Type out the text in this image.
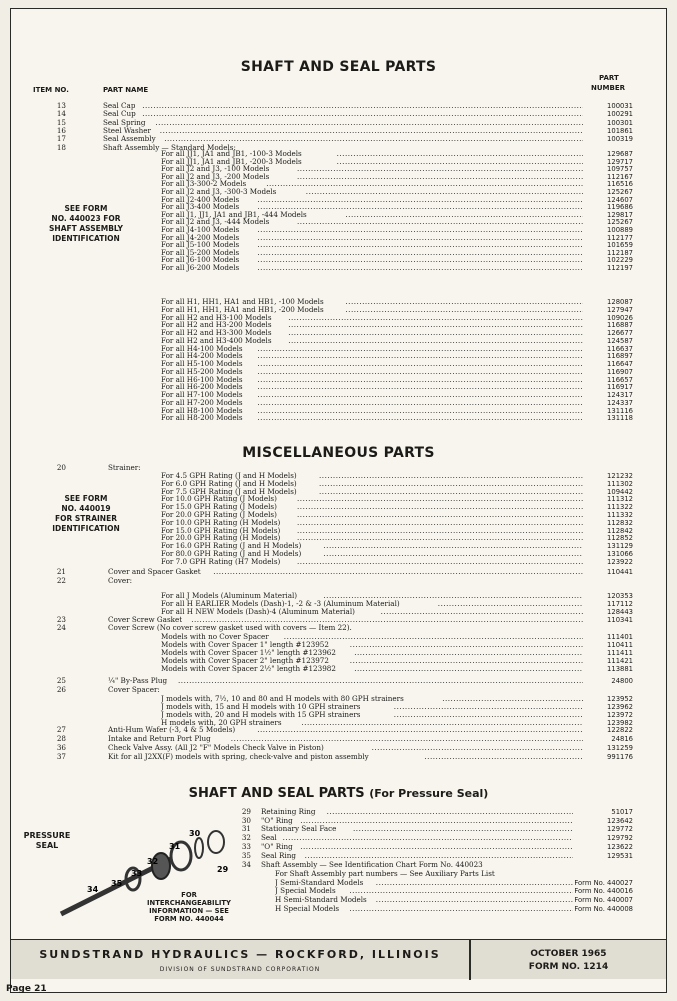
SHAFT AND SEAL PARTS
ITEM NO.	PART NAME
PART
NUMBER
13	Seal Cap .....	100031
14	Seal Cup .....	100291
15	Seal Spring .....	100301
16	Steel Washer .....	101861
17	Seal Assembly .....	100319
18	Shaft Assembly — Standard Models:
For all JJ1, JA1 and JB1, -100-3 Models .....	129687
For all JJ1, JA1 and JB1, -200-3 Models .....	129717
For all J2 and J3, -100 Models .....	109757
For all J2 and J3, -200 Models .....	112167
For all J3-300-2 Models .....	116516
For all J2 and J3, -300-3 Models .....	125267
For all J2-400 Models .....	124607
For all J3-400 Models .....	119686
For all J1, JJ1, JA1 and JB1, -444 Models .....	129817
For all J2 and J3, -444 Models .....	125267
For all J4-100 Models .....	100889
For all J4-200 Models .....	112177
For all J5-100 Models .....	101659
For all J5-200 Models .....	112187
For all J6-100 Models .....	102229
For all J6-200 Models .....	112197
For all H1, HH1, HA1 and HB1, -100 Models .....	128087
For all H1, HH1, HA1 and HB1, -200 Models .....	127947
For all H2 and H3-100 Models .....	109026
For all H2 and H3-200 Models .....	116887
For all H2 and H3-300 Models .....	126677
For all H2 and H3-400 Models .....	124587
For all H4-100 Models .....	116637
For all H4-200 Models .....	116897
For all H5-100 Models .....	116647
For all H5-200 Models .....	116907
For all H6-100 Models .....	116657
For all H6-200 Models .....	116917
For all H7-100 Models .....	124317
For all H7-200 Models .....	124337
For all H8-100 Models .....	131116
For all H8-200 Models .....	131118
SEE FORM
NO. 440023 FOR
SHAFT ASSEMBLY
IDENTIFICATION
MISCELLANEOUS PARTS
20	Strainer:
For 4.5 GPH Rating (J and H Models) .....	121232
For 6.0 GPH Rating (J and H Models) .....	111302
For 7.5 GPH Rating (J and H Models) .....	109442
For 10.0 GPH Rating (J Models) .....	111312
For 15.0 GPH Rating (J Models) .....	111322
For 20.0 GPH Rating (J Models) .....	111332
For 10.0 GPH Rating (H Models) .....	112832
For 15.0 GPH Rating (H Models) .....	112842
For 20.0 GPH Rating (H Models) .....	112852
For 16.0 GPH Rating (J and H Models) .....	131129
For 80.0 GPH Rating (J and H Models) .....	131066
For 7.0 GPH Rating (H7 Models) .....	123922
21	Cover and Spacer Gasket .....	110441
22	Cover:
For all J Models (Aluminum Material) .....	120353
For all H EARLIER Models (Dash)-1, -2 & -3 (Aluminum Material) .....	117112
For all H NEW Models (Dash)-4 (Aluminum Material) .....	128443
23	Cover Screw Gasket .....	110341
24	Cover Screw (No cover screw gasket used with covers — Item 22).
Models with no Cover Spacer .....	111401
Models with Cover Spacer 1" length #123952 .....	110411
Models with Cover Spacer 1½" length #123962 .....	111411
Models with Cover Spacer 2" length #123972 .....	111421
Models with Cover Spacer 2½" length #123982 .....	113881
25	¼" By-Pass Plug .....	24800
26	Cover Spacer:
J models with, 7½, 10 and 80 and H models with 80 GPH strainers .....	123952
J models with, 15 and H models with 10 GPH strainers .....	123962
J models with, 20 and H models with 15 GPH strainers .....	123972
H models with, 20 GPH strainers .....	123982
27	Anti-Hum Wafer (-3, 4 & 5 Models) .....	122822
28	Intake and Return Port Plug .....	24816
36	Check Valve Assy. (All J2 "F" Models Check Valve in Piston) .....	131259
37	Kit for all J2XX(F) models with spring, check-valve and piston assembly .....	991176
SEE FORM
NO. 440019
FOR STRAINER
IDENTIFICATION
SHAFT AND SEAL PARTS (For Pressure Seal)
29 Retaining Ring .....	51017
30 "O" Ring .....	123642
31 Stationary Seal Face .....	129772
32 Seal .....	129792
33 "O" Ring .....	123622
35 Seal Ring .....	129531
34 Shaft Assembly — See Identification Chart Form No. 440023
For Shaft Assembly part numbers — See Auxiliary Parts List
J Semi-Standard Models .....	Form No. 440027
J Special Models .....	Form No. 440016
H Semi-Standard Models .....	Form No. 440007
H Special Models .....	Form No. 440008
PRESSURE
SEAL
30
31
32
33	29
35
34
FOR
INTERCHANGEABILITY
INFORMATION — SEE
FORM NO. 440044
SUNDSTRAND HYDRAULICS — ROCKFORD, ILLINOIS
DIVISION OF SUNDSTRAND CORPORATION
OCTOBER 1965
FORM NO. 1214
Page 21
